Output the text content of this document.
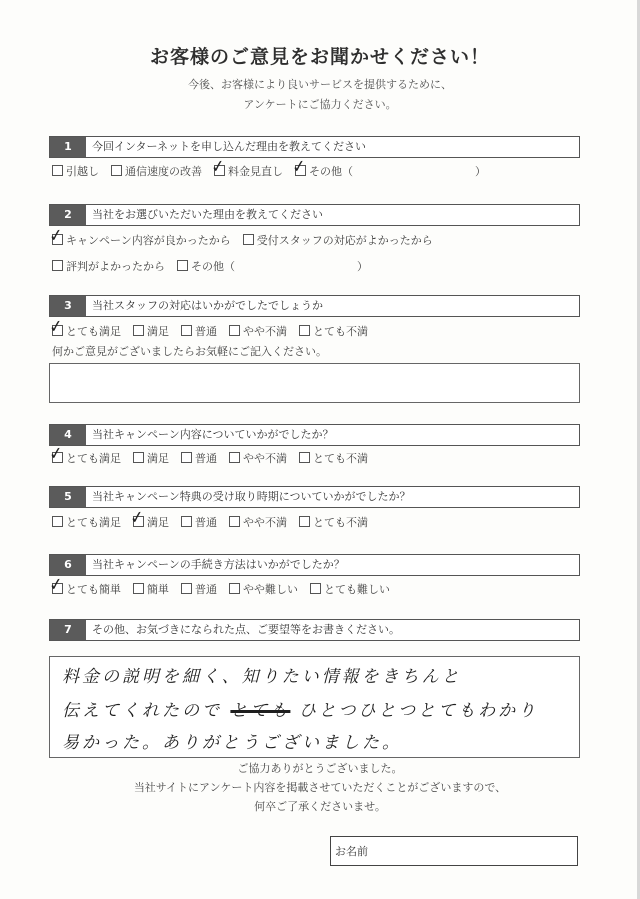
お客様のご意見をお聞かせください！
今後、お客様により良いサービスを提供するために、
アンケートにご協力ください。
1	今回インターネットを申し込んだ理由を教えてください
引越し 通信速度の改善 ✓ 料金見直し ✓ その他（	）
2	当社をお選びいただいた理由を教えてください
✓ キャンペーン内容が良かったから 受付スタッフの対応がよかったから
評判がよかったから その他（	）
3	当社スタッフの対応はいかがでしたでしょうか
✓ とても満足 満足 普通 やや不満 とても不満
何かご意見がございましたらお気軽にご記入ください。
4	当社キャンペーン内容についていかがでしたか？
✓ とても満足 満足 普通 やや不満 とても不満
5	当社キャンペーン特典の受け取り時期についていかがでしたか？
とても満足 ✓ 満足 普通 やや不満 とても不満
6	当社キャンペーンの手続き方法はいかがでしたか？
✓ とても簡単 簡単 普通 やや難しい とても難しい
7	その他、お気づきになられた点、ご要望等をお書きください。
料金の説明を細く、知りたい情報をきちんと
伝えてくれたので とても ひとつひとつとてもわかり
易かった。ありがとうございました。
ご協力ありがとうございました。
当社サイトにアンケート内容を掲載させていただくことがございますので、
何卒ご了承くださいませ。
お名前
